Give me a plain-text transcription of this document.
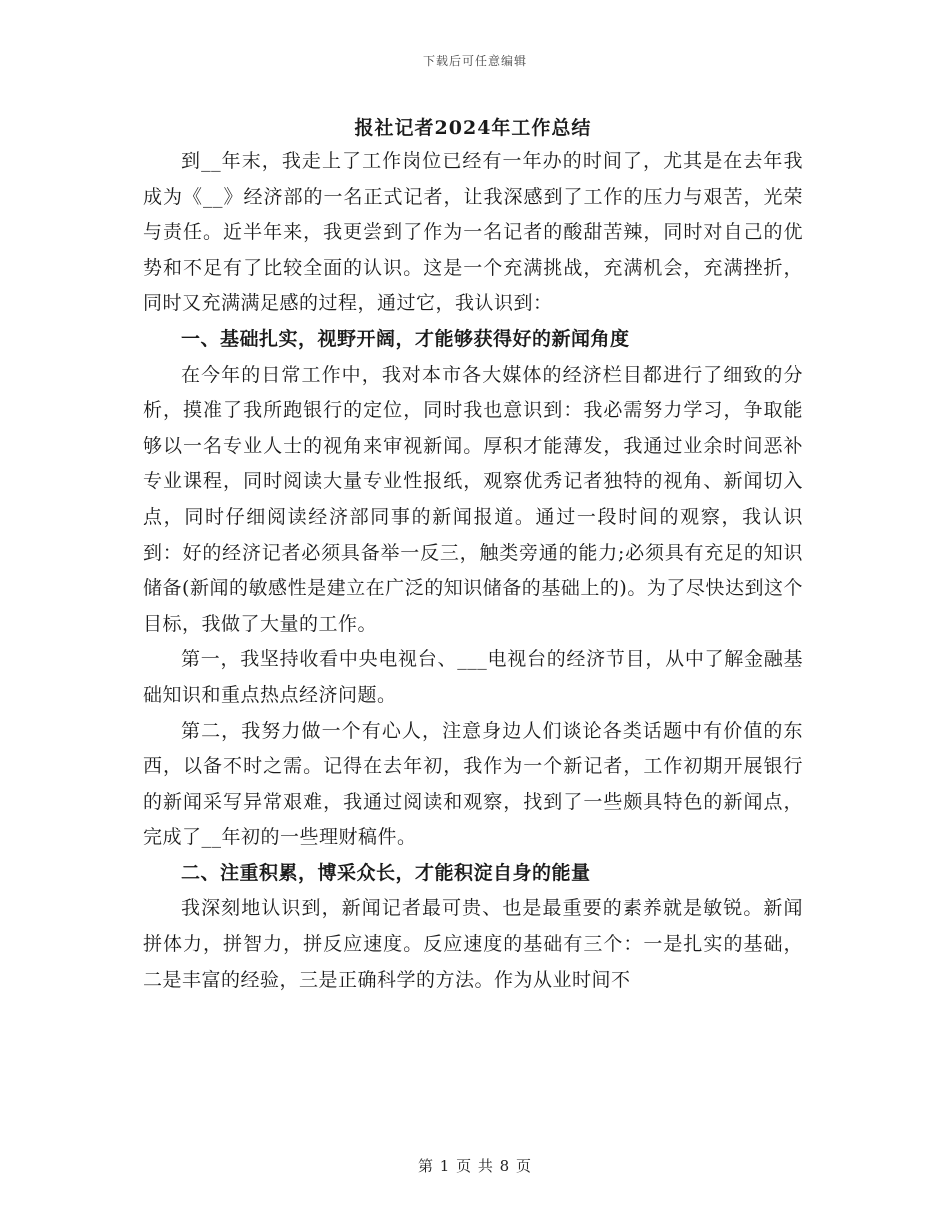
下载后可任意编辑
报社记者2024年工作总结

到__年末，我走上了工作岗位已经有一年办的时间了，尤其是在去年我成为《__》经济部的一名正式记者，让我深感到了工作的压力与艰苦，光荣与责任。近半年来，我更尝到了作为一名记者的酸甜苦辣，同时对自己的优势和不足有了比较全面的认识。这是一个充满挑战，充满机会，充满挫折，同时又充满满足感的过程，通过它，我认识到：

一、基础扎实，视野开阔，才能够获得好的新闻角度

在今年的日常工作中，我对本市各大媒体的经济栏目都进行了细致的分析，摸准了我所跑银行的定位，同时我也意识到：我必需努力学习，争取能够以一名专业人士的视角来审视新闻。厚积才能薄发，我通过业余时间恶补专业课程，同时阅读大量专业性报纸，观察优秀记者独特的视角、新闻切入点，同时仔细阅读经济部同事的新闻报道。通过一段时间的观察，我认识到：好的经济记者必须具备举一反三，触类旁通的能力;必须具有充足的知识储备(新闻的敏感性是建立在广泛的知识储备的基础上的)。为了尽快达到这个目标，我做了大量的工作。

第一，我坚持收看中央电视台、___电视台的经济节目，从中了解金融基础知识和重点热点经济问题。

第二，我努力做一个有心人，注意身边人们谈论各类话题中有价值的东西，以备不时之需。记得在去年初，我作为一个新记者，工作初期开展银行的新闻采写异常艰难，我通过阅读和观察，找到了一些颇具特色的新闻点，完成了__年初的一些理财稿件。

二、注重积累，博采众长，才能积淀自身的能量

我深刻地认识到，新闻记者最可贵、也是最重要的素养就是敏锐。新闻拼体力，拼智力，拼反应速度。反应速度的基础有三个：一是扎实的基础，二是丰富的经验，三是正确科学的方法。作为从业时间不

第 1 页 共 8 页
